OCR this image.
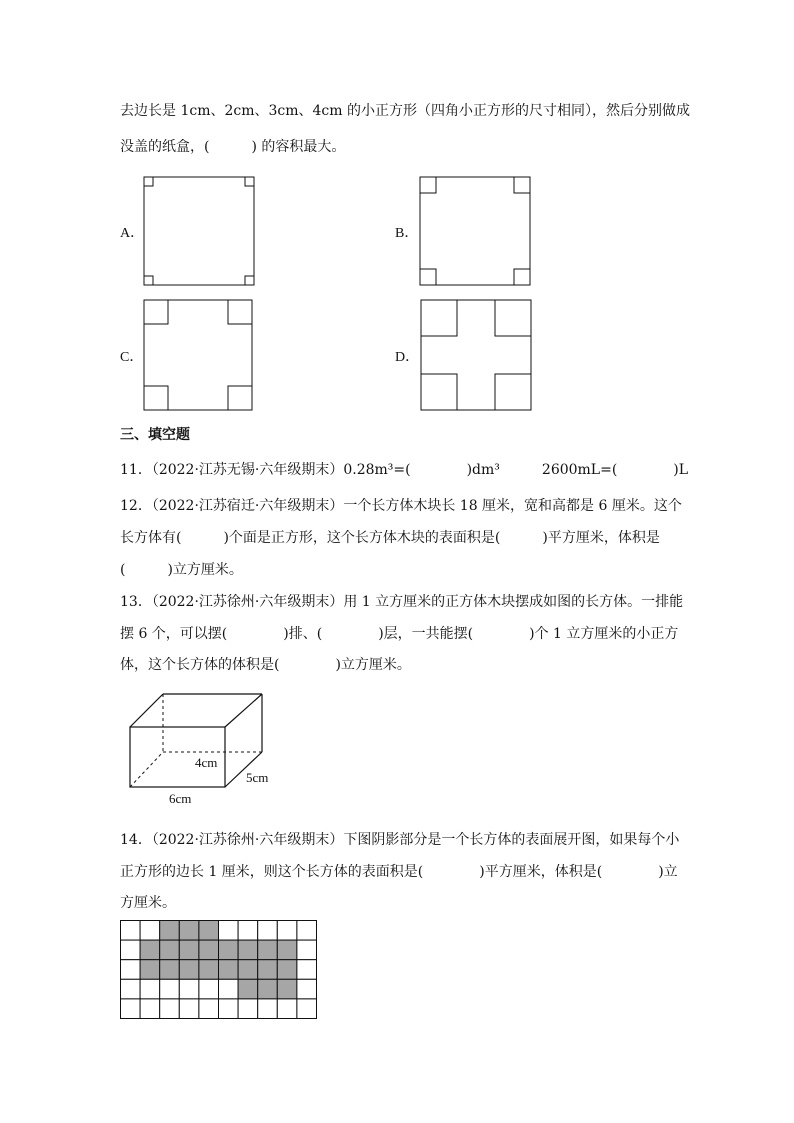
去边长是 1cm、2cm、3cm、4cm 的小正方形（四角小正方形的尺寸相同），然后分别做成
没盖的纸盒，(　　　) 的容积最大。
A．	B．
C．	D．
三、填空题
11．（2022·江苏无锡·六年级期末）0.28m³=(　　　　)dm³　　　2600mL=(　　　　)L
12．（2022·江苏宿迁·六年级期末）一个长方体木块长 18 厘米，宽和高都是 6 厘米。这个
长方体有(　　　)个面是正方形，这个长方体木块的表面积是(　　　)平方厘米，体积是
(　　　)立方厘米。
13．（2022·江苏徐州·六年级期末）用 1 立方厘米的正方体木块摆成如图的长方体。一排能
摆 6 个，可以摆(　　　　)排、(　　　　)层，一共能摆(　　　　)个 1 立方厘米的小正方
体，这个长方体的体积是(　　　　)立方厘米。
4cm
5cm
6cm
14．（2022·江苏徐州·六年级期末）下图阴影部分是一个长方体的表面展开图，如果每个小
正方形的边长 1 厘米，则这个长方体的表面积是(　　　　)平方厘米，体积是(　　　　)立
方厘米。
